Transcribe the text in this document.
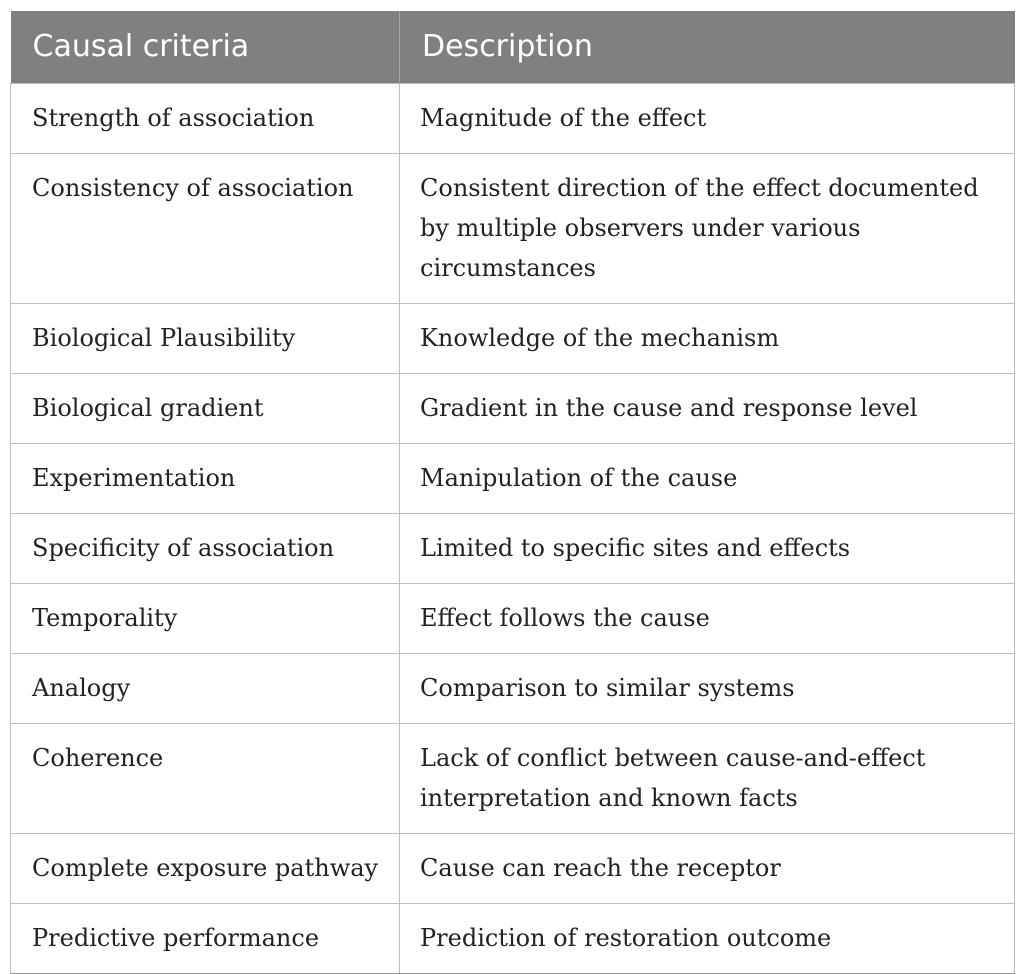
Causal criteria	Description
Strength of association	Magnitude of the effect
Consistency of association	Consistent direction of the effect documented by multiple observers under various circumstances
Biological Plausibility	Knowledge of the mechanism
Biological gradient	Gradient in the cause and response level
Experimentation	Manipulation of the cause
Specificity of association	Limited to specific sites and effects
Temporality	Effect follows the cause
Analogy	Comparison to similar systems
Coherence	Lack of conflict between cause-and-effect interpretation and known facts
Complete exposure pathway	Cause can reach the receptor
Predictive performance	Prediction of restoration outcome
